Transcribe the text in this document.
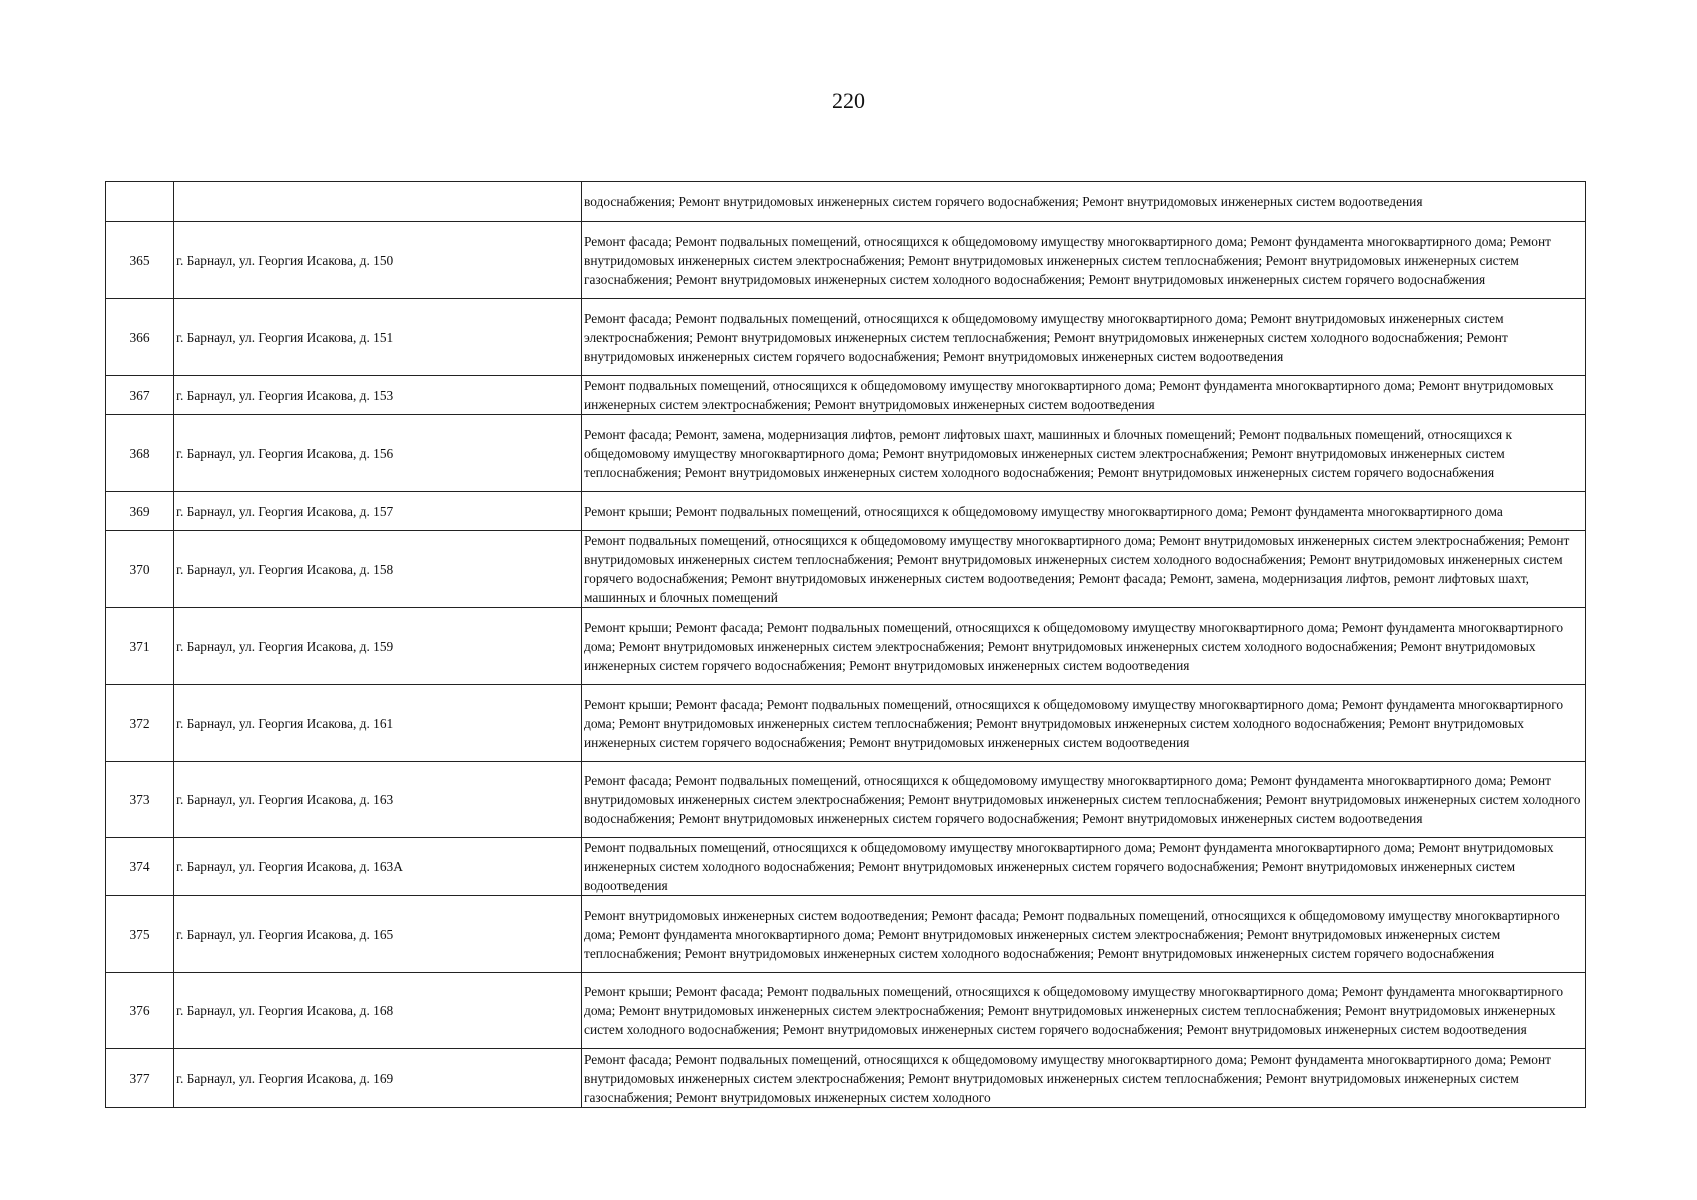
220
		водоснабжения; Ремонт внутридомовых инженерных систем горячего водоснабжения; Ремонт внутридомовых инженерных систем водоотведения
365	г. Барнаул, ул. Георгия Исакова, д. 150	Ремонт фасада; Ремонт подвальных помещений, относящихся к общедомовому имуществу многоквартирного дома; Ремонт фундамента многоквартирного дома; Ремонт внутридомовых инженерных систем электроснабжения; Ремонт внутридомовых инженерных систем теплоснабжения; Ремонт внутридомовых инженерных систем газоснабжения; Ремонт внутридомовых инженерных систем холодного водоснабжения; Ремонт внутридомовых инженерных систем горячего водоснабжения
366	г. Барнаул, ул. Георгия Исакова, д. 151	Ремонт фасада; Ремонт подвальных помещений, относящихся к общедомовому имуществу многоквартирного дома; Ремонт внутридомовых инженерных систем электроснабжения; Ремонт внутридомовых инженерных систем теплоснабжения; Ремонт внутридомовых инженерных систем холодного водоснабжения; Ремонт внутридомовых инженерных систем горячего водоснабжения; Ремонт внутридомовых инженерных систем водоотведения
367	г. Барнаул, ул. Георгия Исакова, д. 153	Ремонт подвальных помещений, относящихся к общедомовому имуществу многоквартирного дома; Ремонт фундамента многоквартирного дома; Ремонт внутридомовых инженерных систем электроснабжения; Ремонт внутридомовых инженерных систем водоотведения
368	г. Барнаул, ул. Георгия Исакова, д. 156	Ремонт фасада; Ремонт, замена, модернизация лифтов, ремонт лифтовых шахт, машинных и блочных помещений; Ремонт подвальных помещений, относящихся к общедомовому имуществу многоквартирного дома; Ремонт внутридомовых инженерных систем электроснабжения; Ремонт внутридомовых инженерных систем теплоснабжения; Ремонт внутридомовых инженерных систем холодного водоснабжения; Ремонт внутридомовых инженерных систем горячего водоснабжения
369	г. Барнаул, ул. Георгия Исакова, д. 157	Ремонт крыши; Ремонт подвальных помещений, относящихся к общедомовому имуществу многоквартирного дома; Ремонт фундамента многоквартирного дома
370	г. Барнаул, ул. Георгия Исакова, д. 158	Ремонт подвальных помещений, относящихся к общедомовому имуществу многоквартирного дома; Ремонт внутридомовых инженерных систем электроснабжения; Ремонт внутридомовых инженерных систем теплоснабжения; Ремонт внутридомовых инженерных систем холодного водоснабжения; Ремонт внутридомовых инженерных систем горячего водоснабжения; Ремонт внутридомовых инженерных систем водоотведения; Ремонт фасада; Ремонт, замена, модернизация лифтов, ремонт лифтовых шахт, машинных и блочных помещений
371	г. Барнаул, ул. Георгия Исакова, д. 159	Ремонт крыши; Ремонт фасада; Ремонт подвальных помещений, относящихся к общедомовому имуществу многоквартирного дома; Ремонт фундамента многоквартирного дома; Ремонт внутридомовых инженерных систем электроснабжения; Ремонт внутридомовых инженерных систем холодного водоснабжения; Ремонт внутридомовых инженерных систем горячего водоснабжения; Ремонт внутридомовых инженерных систем водоотведения
372	г. Барнаул, ул. Георгия Исакова, д. 161	Ремонт крыши; Ремонт фасада; Ремонт подвальных помещений, относящихся к общедомовому имуществу многоквартирного дома; Ремонт фундамента многоквартирного дома; Ремонт внутридомовых инженерных систем теплоснабжения; Ремонт внутридомовых инженерных систем холодного водоснабжения; Ремонт внутридомовых инженерных систем горячего водоснабжения; Ремонт внутридомовых инженерных систем водоотведения
373	г. Барнаул, ул. Георгия Исакова, д. 163	Ремонт фасада; Ремонт подвальных помещений, относящихся к общедомовому имуществу многоквартирного дома; Ремонт фундамента многоквартирного дома; Ремонт внутридомовых инженерных систем электроснабжения; Ремонт внутридомовых инженерных систем теплоснабжения; Ремонт внутридомовых инженерных систем холодного водоснабжения; Ремонт внутридомовых инженерных систем горячего водоснабжения; Ремонт внутридомовых инженерных систем водоотведения
374	г. Барнаул, ул. Георгия Исакова, д. 163А	Ремонт подвальных помещений, относящихся к общедомовому имуществу многоквартирного дома; Ремонт фундамента многоквартирного дома; Ремонт внутридомовых инженерных систем холодного водоснабжения; Ремонт внутридомовых инженерных систем горячего водоснабжения; Ремонт внутридомовых инженерных систем водоотведения
375	г. Барнаул, ул. Георгия Исакова, д. 165	Ремонт внутридомовых инженерных систем водоотведения; Ремонт фасада; Ремонт подвальных помещений, относящихся к общедомовому имуществу многоквартирного дома; Ремонт фундамента многоквартирного дома; Ремонт внутридомовых инженерных систем электроснабжения; Ремонт внутридомовых инженерных систем теплоснабжения; Ремонт внутридомовых инженерных систем холодного водоснабжения; Ремонт внутридомовых инженерных систем горячего водоснабжения
376	г. Барнаул, ул. Георгия Исакова, д. 168	Ремонт крыши; Ремонт фасада; Ремонт подвальных помещений, относящихся к общедомовому имуществу многоквартирного дома; Ремонт фундамента многоквартирного дома; Ремонт внутридомовых инженерных систем электроснабжения; Ремонт внутридомовых инженерных систем теплоснабжения; Ремонт внутридомовых инженерных систем холодного водоснабжения; Ремонт внутридомовых инженерных систем горячего водоснабжения; Ремонт внутридомовых инженерных систем водоотведения
377	г. Барнаул, ул. Георгия Исакова, д. 169	Ремонт фасада; Ремонт подвальных помещений, относящихся к общедомовому имуществу многоквартирного дома; Ремонт фундамента многоквартирного дома; Ремонт внутридомовых инженерных систем электроснабжения; Ремонт внутридомовых инженерных систем теплоснабжения; Ремонт внутридомовых инженерных систем газоснабжения; Ремонт внутридомовых инженерных систем холодного
